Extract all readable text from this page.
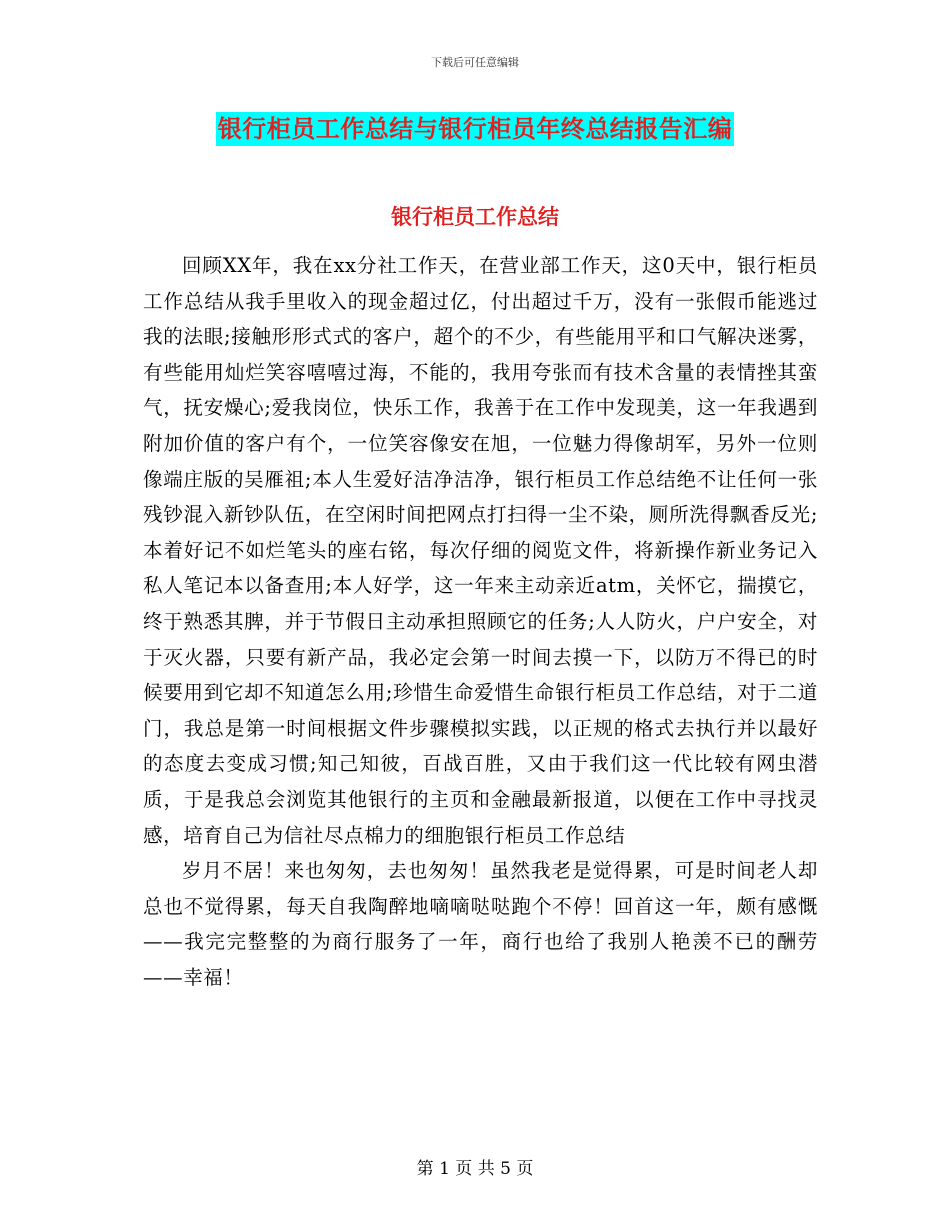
下载后可任意编辑
银行柜员工作总结与银行柜员年终总结报告汇编
银行柜员工作总结

回顾XX年，我在xx分社工作天，在营业部工作天，这0天中，银行柜员工作总结从我手里收入的现金超过亿，付出超过千万，没有一张假币能逃过我的法眼;接触形形式式的客户，超个的不少，有些能用平和口气解决迷雾，有些能用灿烂笑容嘻嘻过海，不能的，我用夸张而有技术含量的表情挫其蛮气，抚安燥心;爱我岗位，快乐工作，我善于在工作中发现美，这一年我遇到附加价值的客户有个，一位笑容像安在旭，一位魅力得像胡军，另外一位则像端庄版的吴雁祖;本人生爱好洁净洁净，银行柜员工作总结绝不让任何一张残钞混入新钞队伍，在空闲时间把网点打扫得一尘不染，厕所洗得飘香反光;本着好记不如烂笔头的座右铭，每次仔细的阅览文件，将新操作新业务记入私人笔记本以备查用;本人好学，这一年来主动亲近atm，关怀它，揣摸它，终于熟悉其脾，并于节假日主动承担照顾它的任务;人人防火，户户安全，对于灭火器，只要有新产品，我必定会第一时间去摸一下，以防万不得已的时候要用到它却不知道怎么用;珍惜生命爱惜生命银行柜员工作总结，对于二道门，我总是第一时间根据文件步骤模拟实践，以正规的格式去执行并以最好的态度去变成习惯;知己知彼，百战百胜，又由于我们这一代比较有网虫潜质，于是我总会浏览其他银行的主页和金融最新报道，以便在工作中寻找灵感，培育自己为信社尽点棉力的细胞银行柜员工作总结

岁月不居！来也匆匆，去也匆匆！虽然我老是觉得累，可是时间老人却总也不觉得累，每天自我陶醉地嘀嘀哒哒跑个不停！回首这一年，颇有感慨——我完完整整的为商行服务了一年，商行也给了我别人艳羡不已的酬劳——幸福！

第 1 页 共 5 页
